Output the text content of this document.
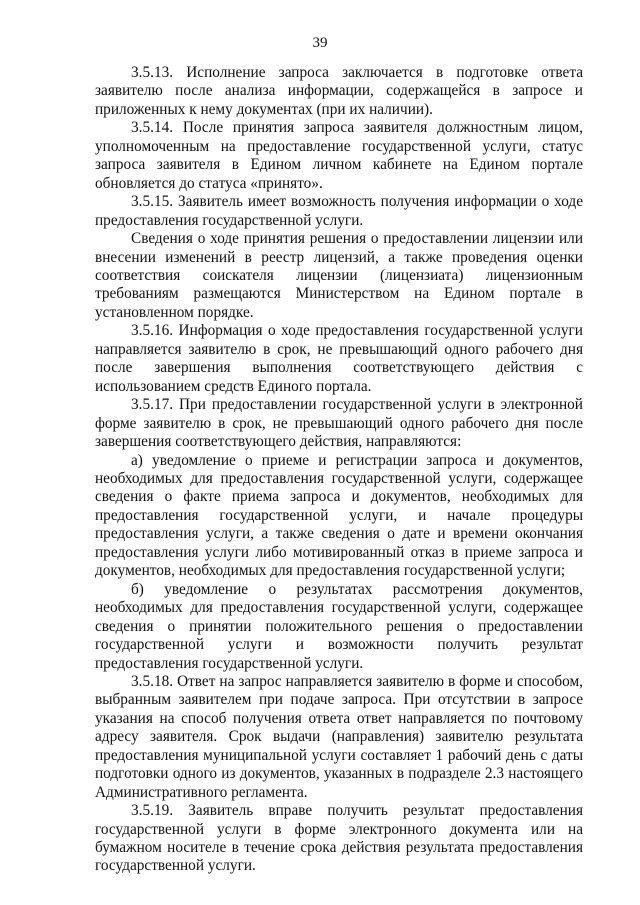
39

3.5.13. Исполнение запроса заключается в подготовке ответа заявителю после анализа информации, содержащейся в запросе и приложенных к нему документах (при их наличии).

3.5.14. После принятия запроса заявителя должностным лицом, уполномоченным на предоставление государственной услуги, статус запроса заявителя в Едином личном кабинете на Едином портале обновляется до статуса «принято».

3.5.15. Заявитель имеет возможность получения информации о ходе предоставления государственной услуги.

Сведения о ходе принятия решения о предоставлении лицензии или внесении изменений в реестр лицензий, а также проведения оценки соответствия соискателя лицензии (лицензиата) лицензионным требованиям размещаются Министерством на Едином портале в установленном порядке.

3.5.16. Информация о ходе предоставления государственной услуги направляется заявителю в срок, не превышающий одного рабочего дня после завершения выполнения соответствующего действия с использованием средств Единого портала.

3.5.17. При предоставлении государственной услуги в электронной форме заявителю в срок, не превышающий одного рабочего дня после завершения соответствующего действия, направляются:

а) уведомление о приеме и регистрации запроса и документов, необходимых для предоставления государственной услуги, содержащее сведения о факте приема запроса и документов, необходимых для предоставления государственной услуги, и начале процедуры предоставления услуги, а также сведения о дате и времени окончания предоставления услуги либо мотивированный отказ в приеме запроса и документов, необходимых для предоставления государственной услуги;

б) уведомление о результатах рассмотрения документов, необходимых для предоставления государственной услуги, содержащее сведения о принятии положительного решения о предоставлении государственной услуги и возможности получить результат предоставления государственной услуги.

3.5.18. Ответ на запрос направляется заявителю в форме и способом, выбранным заявителем при подаче запроса. При отсутствии в запросе указания на способ получения ответа ответ направляется по почтовому адресу заявителя. Срок выдачи (направления) заявителю результата предоставления муниципальной услуги составляет 1 рабочий день с даты подготовки одного из документов, указанных в подразделе 2.3 настоящего Административного регламента.

3.5.19. Заявитель вправе получить результат предоставления государственной услуги в форме электронного документа или на бумажном носителе в течение срока действия результата предоставления государственной услуги.
